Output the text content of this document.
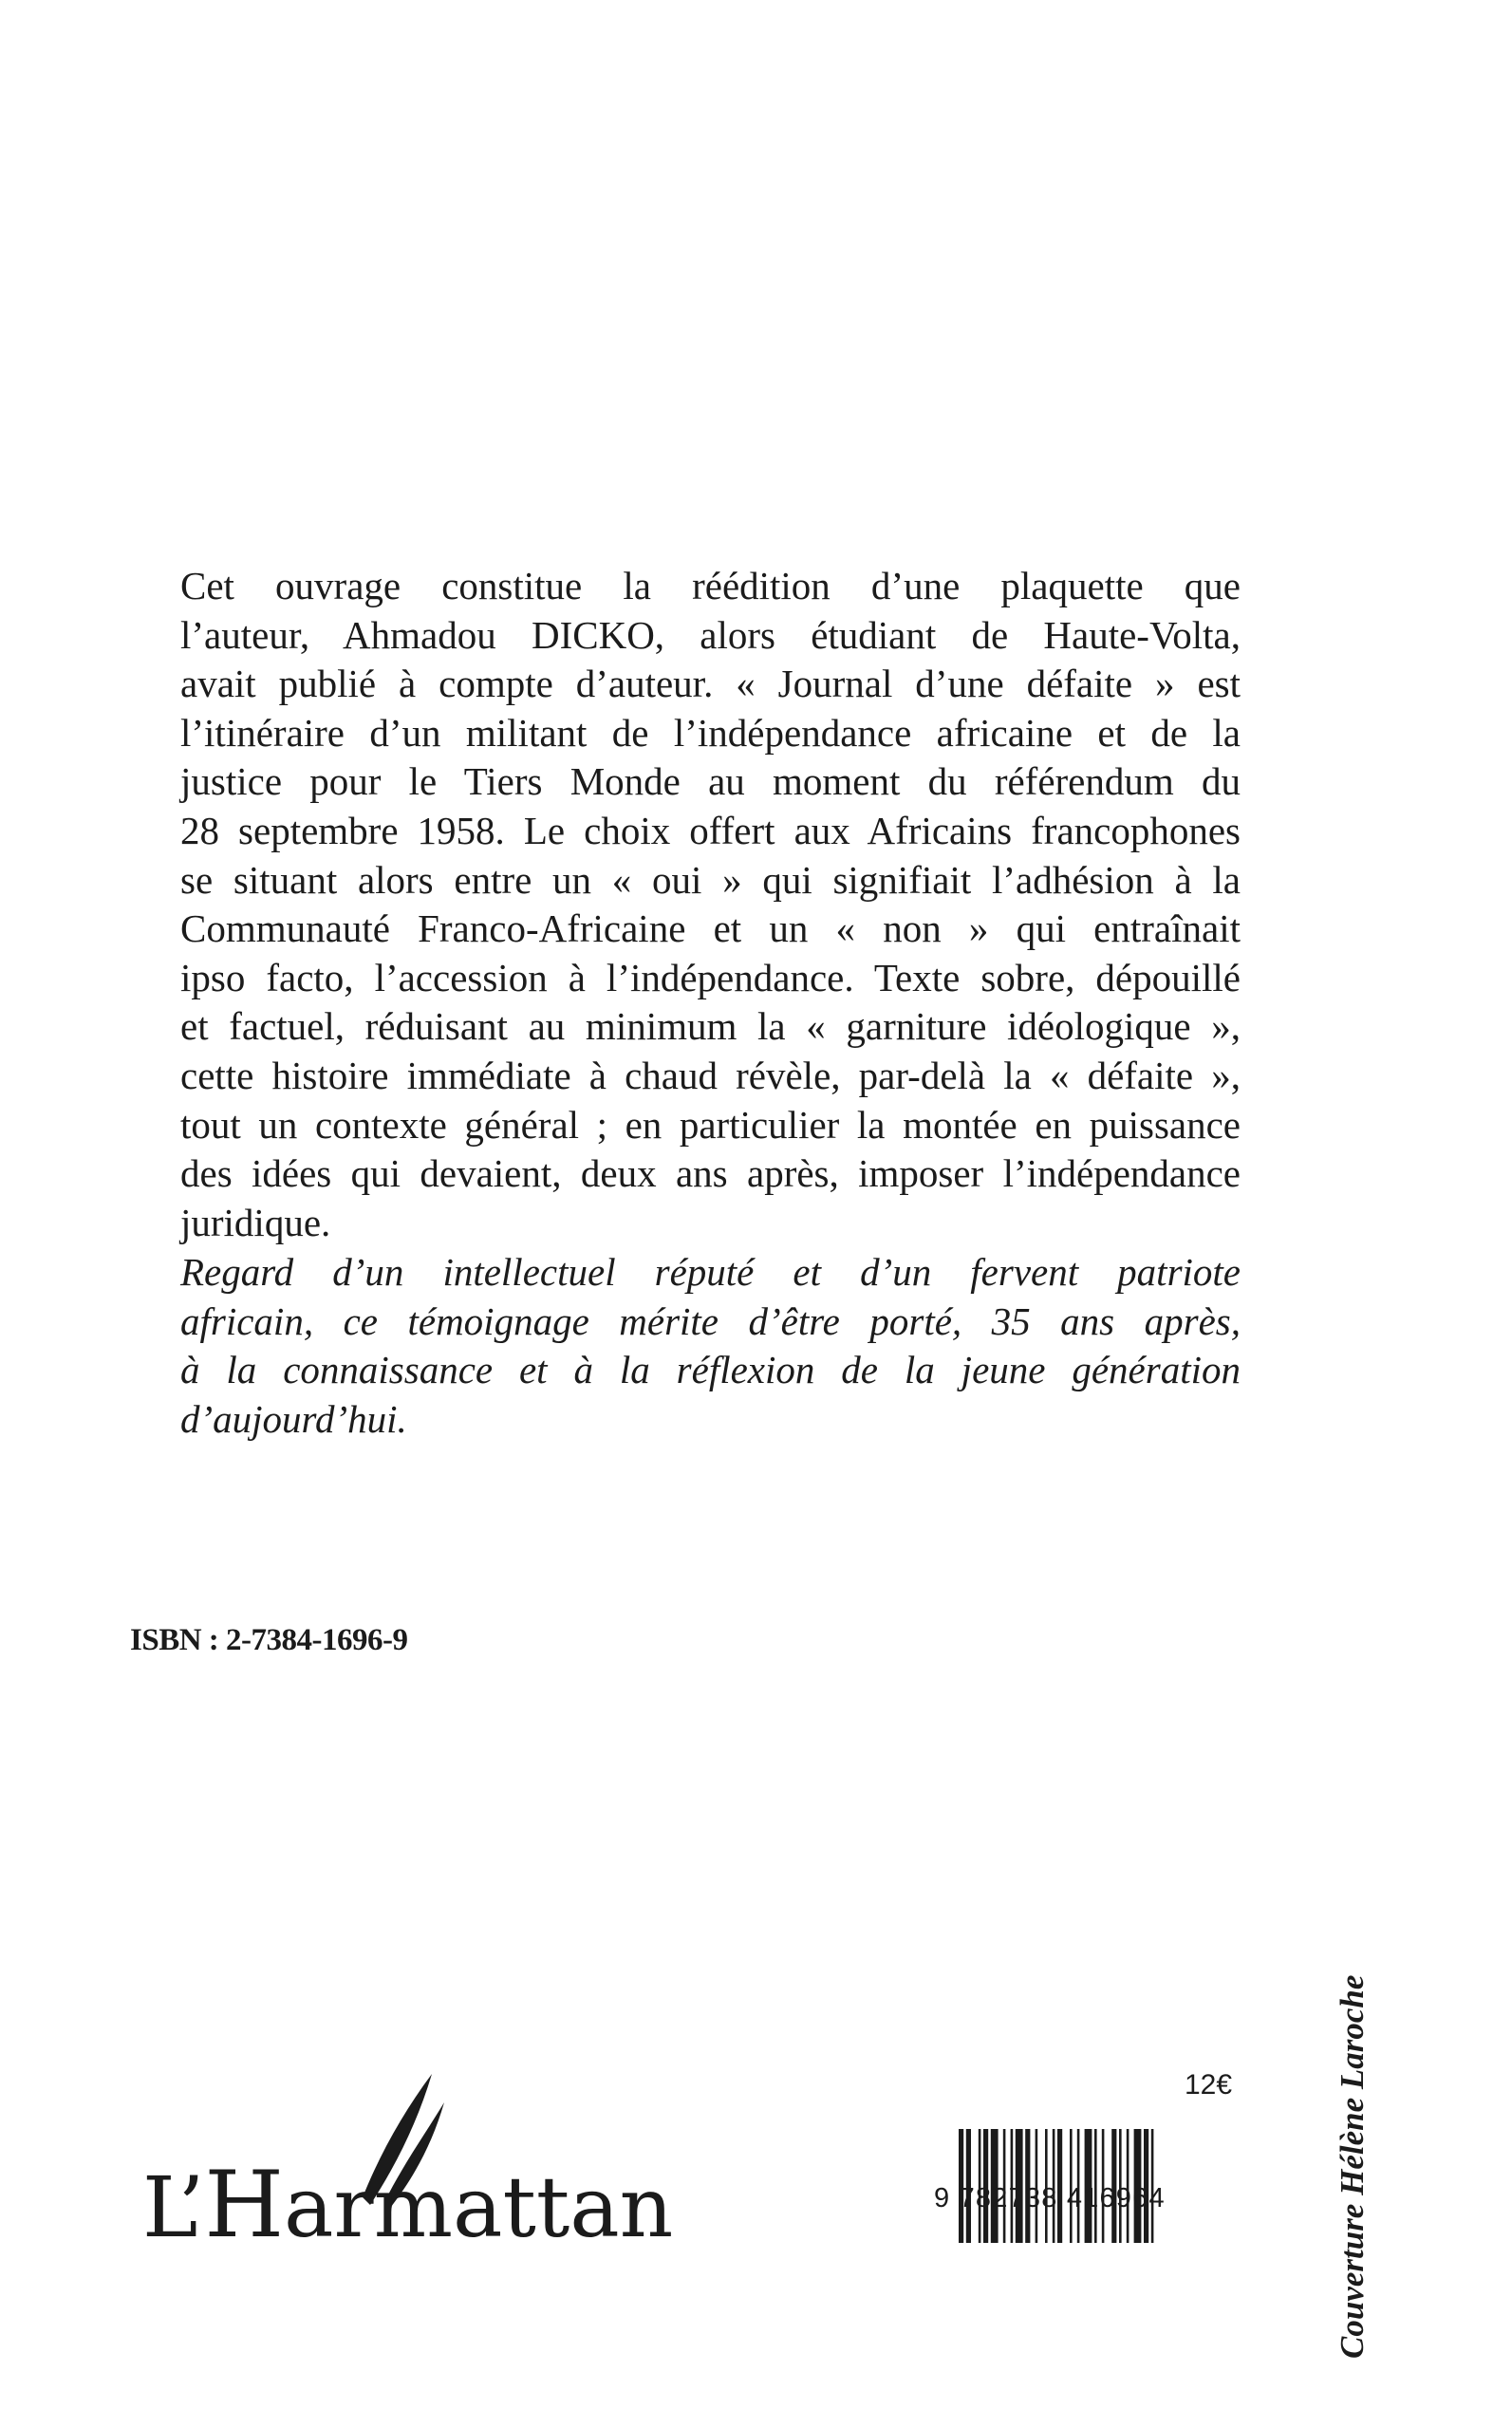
Cet ouvrage constitue la réédition d’une plaquette que
l’auteur, Ahmadou DICKO, alors étudiant de Haute-Volta,
avait publié à compte d’auteur. « Journal d’une défaite » est
l’itinéraire d’un militant de l’indépendance africaine et de la
justice pour le Tiers Monde au moment du référendum du
28 septembre 1958. Le choix offert aux Africains francophones
se situant alors entre un « oui » qui signifiait l’adhésion à la
Communauté Franco-Africaine et un « non » qui entraînait
ipso facto, l’accession à l’indépendance. Texte sobre, dépouillé
et factuel, réduisant au minimum la « garniture idéologique »,
cette histoire immédiate à chaud révèle, par-delà la « défaite »,
tout un contexte général ; en particulier la montée en puissance
des idées qui devaient, deux ans après, imposer l’indépendance
juridique.
Regard d’un intellectuel réputé et d’un fervent patriote
africain, ce témoignage mérite d’être porté, 35 ans après,
à la connaissance et à la réflexion de la jeune génération
d’aujourd’hui.
ISBN : 2-7384-1696-9
Couverture Hélène Laroche
L’Harmattan
12€
9 782738 416964
